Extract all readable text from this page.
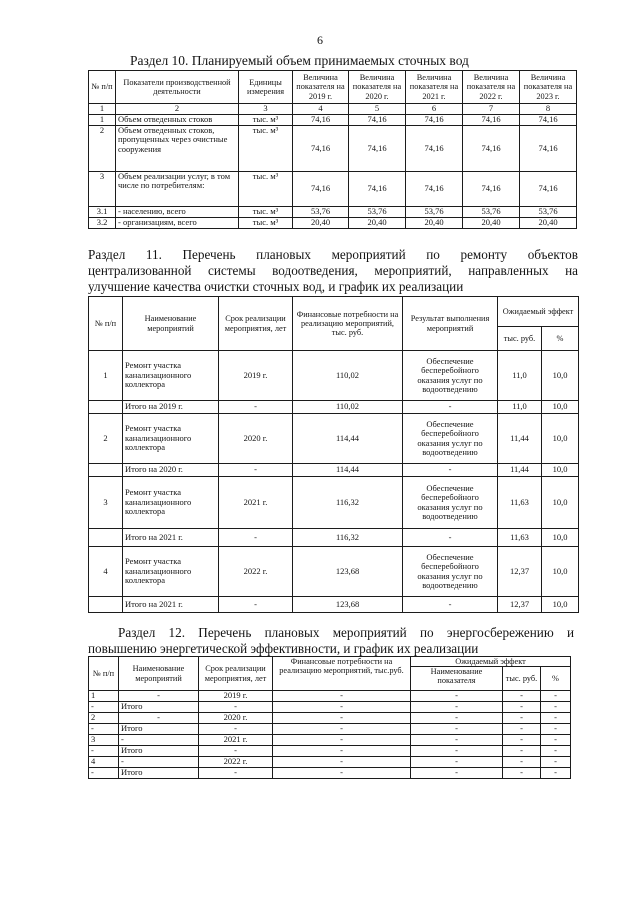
6
Раздел 10. Планируемый объем принимаемых сточных вод
№ п/п	Показатели производственной деятельности	Единицы измерения	Величина показателя на 2019 г.	Величина показателя на 2020 г.	Величина показателя на 2021 г.	Величина показателя на 2022 г.	Величина показателя на 2023 г.
1	2	3	4	5	6	7	8
1	Объем отведенных стоков	тыс. м³	74,16	74,16	74,16	74,16	74,16
2	Объем отведенных стоков, пропущенных через очистные сооружения	тыс. м³	74,16	74,16	74,16	74,16	74,16
3	Объем реализации услуг, в том числе по потребителям:	тыс. м³	74,16	74,16	74,16	74,16	74,16
3.1	- населению, всего	тыс. м³	53,76	53,76	53,76	53,76	53,76
3.2	- организациям, всего	тыс. м³	20,40	20,40	20,40	20,40	20,40
Раздел 11. Перечень плановых мероприятий по ремонту объектов
централизованной системы водоотведения, мероприятий, направленных на
улучшение качества очистки сточных вод, и график их реализации
№ п/п	Наименование мероприятий	Срок реализации мероприятия, лет	Финансовые потребности на реализацию мероприятий, тыс. руб.	Результат выполнения мероприятий	Ожидаемый эффект	
					тыс. руб.	%
1	Ремонт участка канализационного коллектора	2019 г.	110,02	Обеспечение бесперебойного оказания услуг по водоотведению	11,0	10,0
	Итого на 2019 г.	-	110,02	-	11,0	10,0
2	Ремонт участка канализационного коллектора	2020 г.	114,44	Обеспечение бесперебойного оказания услуг по водоотведению	11,44	10,0
	Итого на 2020 г.	-	114,44	-	11,44	10,0
3	Ремонт участка канализационного коллектора	2021 г.	116,32	Обеспечение бесперебойного оказания услуг по водоотведению	11,63	10,0
	Итого на 2021 г.	-	116,32	-	11,63	10,0
4	Ремонт участка канализационного коллектора	2022 г.	123,68	Обеспечение бесперебойного оказания услуг по водоотведению	12,37	10,0
	Итого на 2021 г.	-	123,68	-	12,37	10,0
Раздел 12. Перечень плановых мероприятий по энергосбережению и
повышению энергетической эффективности, и график их реализации
№ п/п	Наименование мероприятий	Срок реализации мероприятия, лет	Финансовые потребности на реализацию мероприятий, тыс.руб.	Ожидаемый эффект		
				Наименование показателя	тыс. руб.	%
1	-	2019 г.	-	-	-	-
-	Итого	-	-	-	-	-
2	-	2020 г.	-	-	-	-
-	Итого	-	-	-	-	-
3	-	2021 г.	-	-	-	-
-	Итого	-	-	-	-	-
4	-	2022 г.	-	-	-	-
-	Итого	-	-	-	-	-
